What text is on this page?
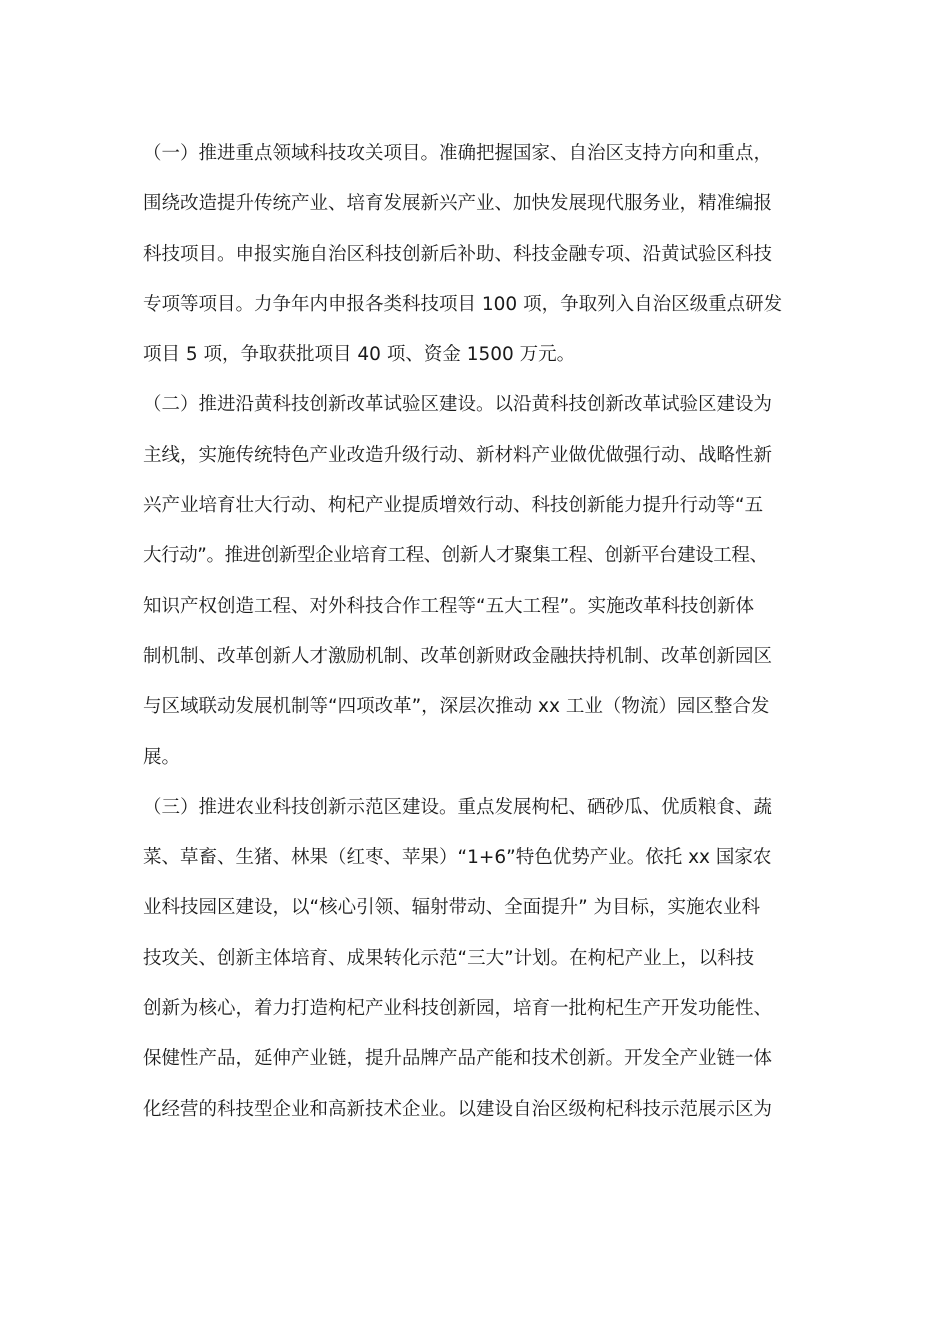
（一）推进重点领域科技攻关项目。准确把握国家、自治区支持方向和重点，
围绕改造提升传统产业、培育发展新兴产业、加快发展现代服务业，精准编报
科技项目。申报实施自治区科技创新后补助、科技金融专项、沿黄试验区科技
专项等项目。力争年内申报各类科技项目 100 项，争取列入自治区级重点研发
项目 5 项，争取获批项目 40 项、资金 1500 万元。
（二）推进沿黄科技创新改革试验区建设。以沿黄科技创新改革试验区建设为
主线，实施传统特色产业改造升级行动、新材料产业做优做强行动、战略性新
兴产业培育壮大行动、枸杞产业提质增效行动、科技创新能力提升行动等“五
大行动”。推进创新型企业培育工程、创新人才聚集工程、创新平台建设工程、
知识产权创造工程、对外科技合作工程等“五大工程”。实施改革科技创新体
制机制、改革创新人才激励机制、改革创新财政金融扶持机制、改革创新园区
与区域联动发展机制等“四项改革”，深层次推动 xx 工业（物流）园区整合发
展。
（三）推进农业科技创新示范区建设。重点发展枸杞、硒砂瓜、优质粮食、蔬
菜、草畜、生猪、林果（红枣、苹果）“1+6”特色优势产业。依托 xx 国家农
业科技园区建设，以“核心引领、辐射带动、全面提升” 为目标，实施农业科
技攻关、创新主体培育、成果转化示范“三大”计划。在枸杞产业上，以科技
创新为核心，着力打造枸杞产业科技创新园，培育一批枸杞生产开发功能性、
保健性产品，延伸产业链，提升品牌产品产能和技术创新。开发全产业链一体
化经营的科技型企业和高新技术企业。以建设自治区级枸杞科技示范展示区为
